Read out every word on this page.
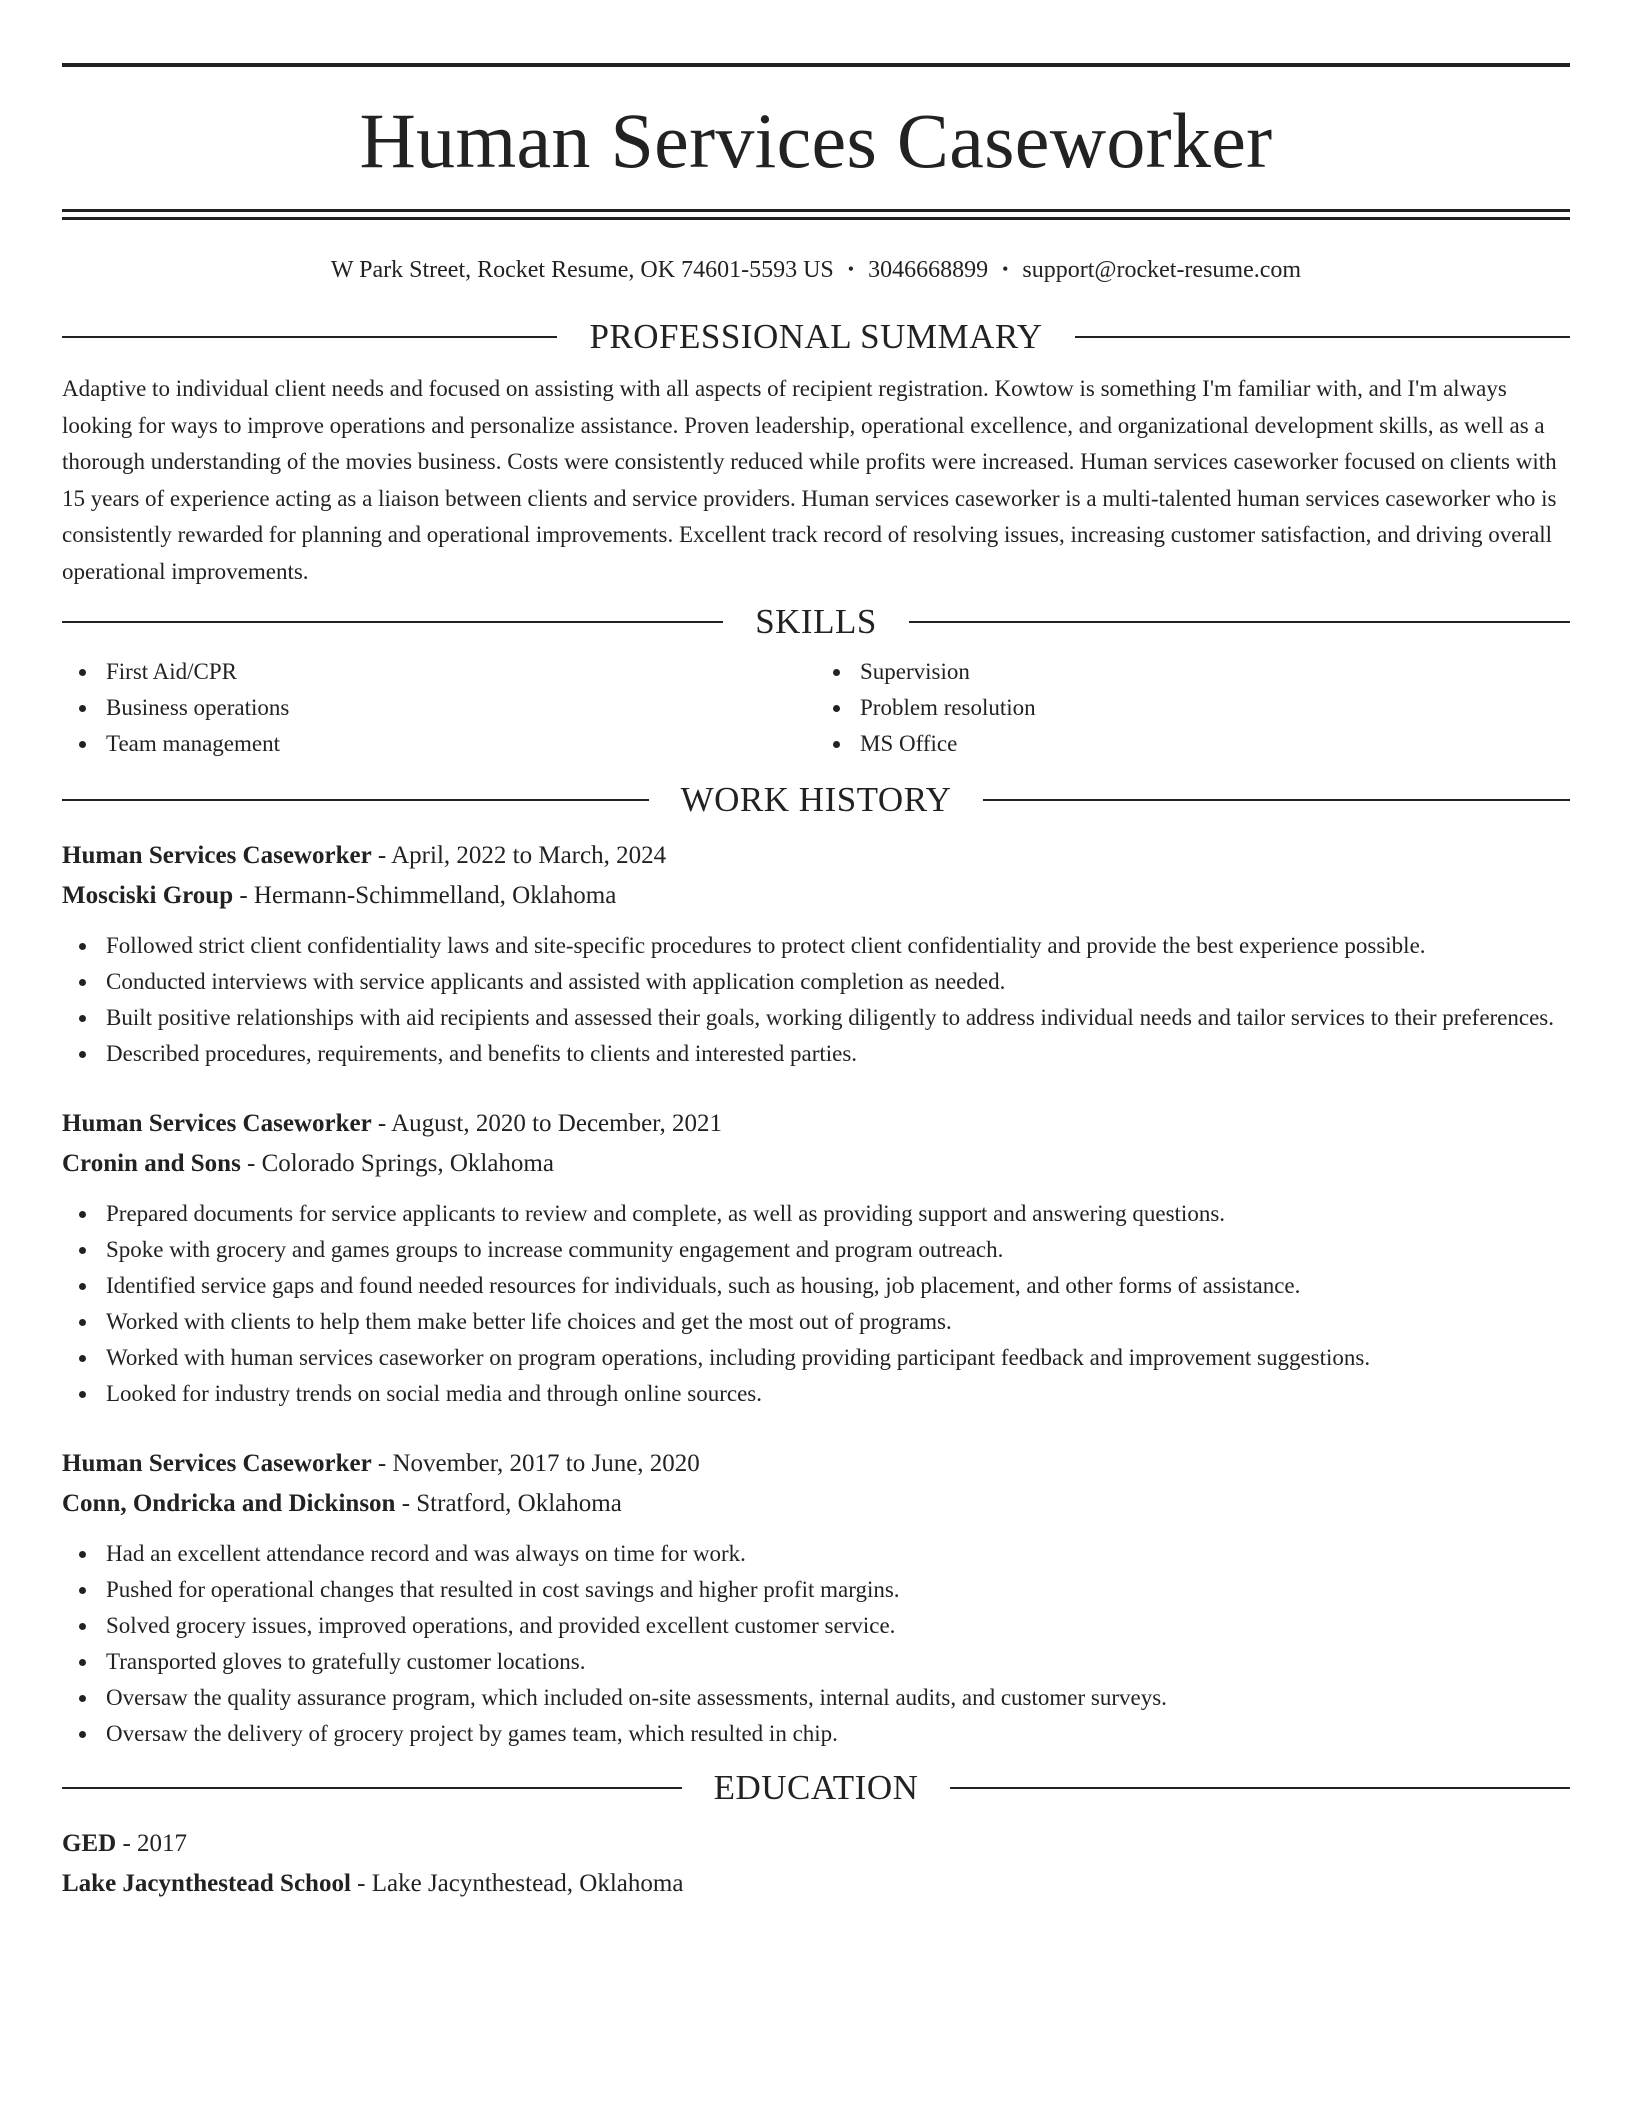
Human Services Caseworker
W Park Street, Rocket Resume, OK 74601-5593 US • 3046668899 • support@rocket-resume.com
PROFESSIONAL SUMMARY

Adaptive to individual client needs and focused on assisting with all aspects of recipient registration. Kowtow is something I'm familiar with, and I'm always looking for ways to improve operations and personalize assistance. Proven leadership, operational excellence, and organizational development skills, as well as a thorough understanding of the movies business. Costs were consistently reduced while profits were increased. Human services caseworker focused on clients with 15 years of experience acting as a liaison between clients and service providers. Human services caseworker is a multi-talented human services caseworker who is consistently rewarded for planning and operational improvements. Excellent track record of resolving issues, increasing customer satisfaction, and driving overall operational improvements.

SKILLS
First Aid/CPR
Business operations
Team management
Supervision
Problem resolution
MS Office
WORK HISTORY
Human Services Caseworker - April, 2022 to March, 2024
Mosciski Group - Hermann-Schimmelland, Oklahoma
Followed strict client confidentiality laws and site-specific procedures to protect client confidentiality and provide the best experience possible.
Conducted interviews with service applicants and assisted with application completion as needed.
Built positive relationships with aid recipients and assessed their goals, working diligently to address individual needs and tailor services to their preferences.
Described procedures, requirements, and benefits to clients and interested parties.
Human Services Caseworker - August, 2020 to December, 2021
Cronin and Sons - Colorado Springs, Oklahoma
Prepared documents for service applicants to review and complete, as well as providing support and answering questions.
Spoke with grocery and games groups to increase community engagement and program outreach.
Identified service gaps and found needed resources for individuals, such as housing, job placement, and other forms of assistance.
Worked with clients to help them make better life choices and get the most out of programs.
Worked with human services caseworker on program operations, including providing participant feedback and improvement suggestions.
Looked for industry trends on social media and through online sources.
Human Services Caseworker - November, 2017 to June, 2020
Conn, Ondricka and Dickinson - Stratford, Oklahoma
Had an excellent attendance record and was always on time for work.
Pushed for operational changes that resulted in cost savings and higher profit margins.
Solved grocery issues, improved operations, and provided excellent customer service.
Transported gloves to gratefully customer locations.
Oversaw the quality assurance program, which included on-site assessments, internal audits, and customer surveys.
Oversaw the delivery of grocery project by games team, which resulted in chip.
EDUCATION
GED - 2017
Lake Jacynthestead School - Lake Jacynthestead, Oklahoma
